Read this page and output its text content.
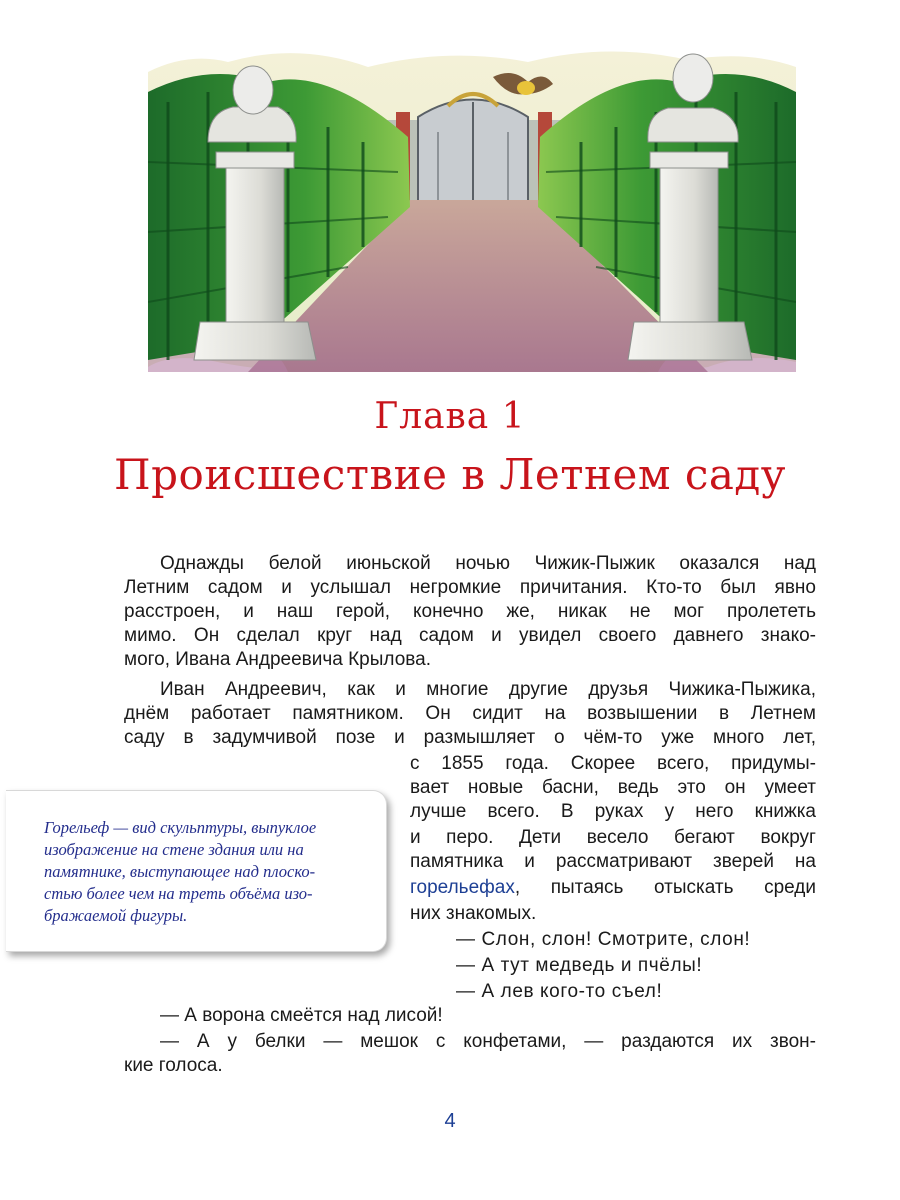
Глава 1
Происшествие в Летнем саду
Однажды белой июньской ночью Чижик-Пыжик оказался над
Летним садом и услышал негромкие причитания. Кто-то был явно
расстроен, и наш герой, конечно же, никак не мог пролететь
мимо. Он сделал круг над садом и увидел своего давнего знако-
мого, Ивана Андреевича Крылова.
Иван Андреевич, как и многие другие друзья Чижика-Пыжика,
днём работает памятником. Он сидит на возвышении в Летнем
саду в задумчивой позе и размышляет о чём-то уже много лет,
с 1855 года. Скорее всего, придумы-
вает новые басни, ведь это он умеет
лучше всего. В руках у него книжка
и перо. Дети весело бегают вокруг
памятника и рассматривают зверей на
горельефах , пытаясь отыскать среди
них знакомых.
— Слон, слон! Смотрите, слон!
— А тут медведь и пчёлы!
— А лев кого-то съел!
— А ворона смеётся над лисой!
— А у белки — мешок с конфетами, — раздаются их звон-
кие голоса.
Горельеф — вид скульптуры, выпуклое
изображение на стене здания или на
памятнике, выступающее над плоско-
стью более чем на треть объёма изо-
бражаемой фигуры.
4
